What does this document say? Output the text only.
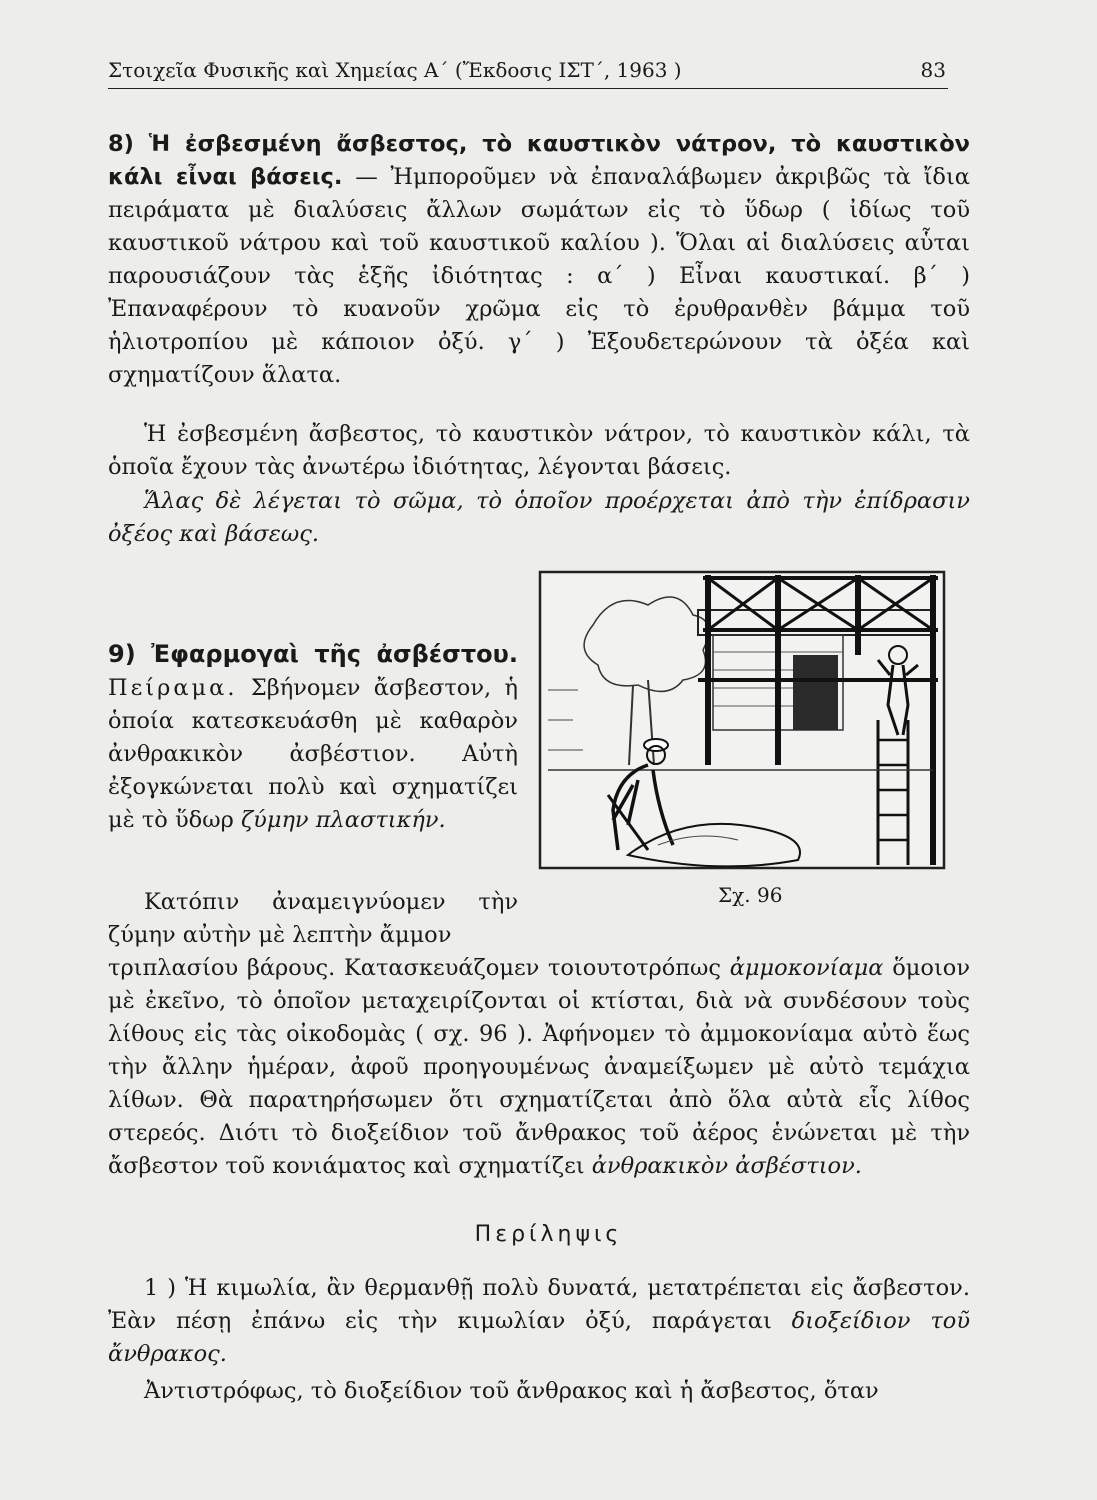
Στοιχεῖα Φυσικῆς καὶ Χημείας Α΄ (Ἔκδοσις ΙΣΤ΄, 1963 )	83
8) Ἡ ἐσβεσμένη ἄσβεστος, τὸ καυστικὸν νάτρον, τὸ καυστικὸν κάλι εἶναι βάσεις. — Ἠμποροῦμεν νὰ ἐπαναλάβωμεν ἀκριβῶς τὰ ἴδια πειράματα μὲ διαλύσεις ἄλλων σωμάτων εἰς τὸ ὕδωρ ( ἰδίως τοῦ καυστικοῦ νάτρου καὶ τοῦ καυστικοῦ καλίου ). Ὅλαι αἱ διαλύσεις αὗται παρουσιάζουν τὰς ἑξῆς ἰδιότητας : α΄ ) Εἶναι καυστικαί. β΄ ) Ἐπαναφέρουν τὸ κυανοῦν χρῶμα εἰς τὸ ἐρυθρανθὲν βάμμα τοῦ ἡλιοτροπίου μὲ κάποιον ὀξύ. γ΄ ) Ἐξουδετερώνουν τὰ ὀξέα καὶ σχηματίζουν ἅλατα.
Ἡ ἐσβεσμένη ἄσβεστος, τὸ καυστικὸν νάτρον, τὸ καυστικὸν κάλι, τὰ ὁποῖα ἔχουν τὰς ἀνωτέρω ἰδιότητας, λέγονται βάσεις.
Ἅλας δὲ λέγεται τὸ σῶμα, τὸ ὁποῖον προέρχεται ἀπὸ τὴν ἐπίδρασιν ὀξέος καὶ βάσεως.
9) Ἐφαρμογαὶ τῆς ἀσβέστου. Πείραμα. Σβήνομεν ἄσβεστον, ἡ ὁποία κατεσκευάσθη μὲ καθαρὸν ἀνθρακικὸν ἀσβέστιον. Αὐτὴ ἐξογκώνεται πολὺ καὶ σχηματίζει μὲ τὸ ὕδωρ ζύμην πλαστικήν.
Κατόπιν ἀναμειγνύομεν τὴν ζύμην αὐτὴν μὲ λεπτὴν ἄμμον
Σχ. 96
τριπλασίου βάρους. Κατασκευάζομεν τοιουτοτρόπως ἀμμοκονίαμα ὅμοιον μὲ ἐκεῖνο, τὸ ὁποῖον μεταχειρίζονται οἱ κτίσται, διὰ νὰ συνδέσουν τοὺς λίθους εἰς τὰς οἰκοδομὰς ( σχ. 96 ). Ἀφήνομεν τὸ ἀμμοκονίαμα αὐτὸ ἕως τὴν ἄλλην ἡμέραν, ἀφοῦ προηγουμένως ἀναμείξωμεν μὲ αὐτὸ τεμάχια λίθων. Θὰ παρατηρήσωμεν ὅτι σχηματίζεται ἀπὸ ὅλα αὐτὰ εἷς λίθος στερεός. Διότι τὸ διοξείδιον τοῦ ἄνθρακος τοῦ ἀέρος ἑνώνεται μὲ τὴν ἄσβεστον τοῦ κονιάματος καὶ σχηματίζει ἀνθρακικὸν ἀσβέστιον.
Περίληψις
1 ) Ἡ κιμωλία, ἂν θερμανθῇ πολὺ δυνατά, μετατρέπεται εἰς ἄσβεστον. Ἐὰν πέσῃ ἐπάνω εἰς τὴν κιμωλίαν ὀξύ, παράγεται διοξείδιον τοῦ ἄνθρακος.
Ἀντιστρόφως, τὸ διοξείδιον τοῦ ἄνθρακος καὶ ἡ ἄσβεστος, ὅταν
